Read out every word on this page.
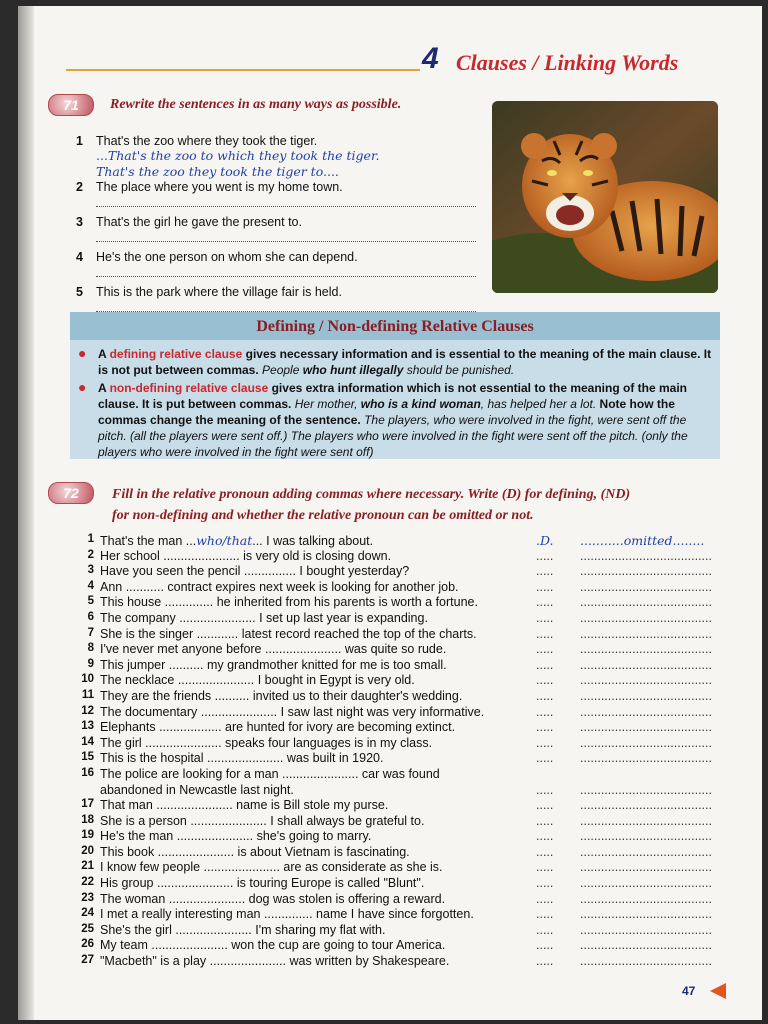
4 Clauses / Linking Words
71	Rewrite the sentences in as many ways as possible.
1 That's the zoo where they took the tiger.
...That's the zoo to which they took the tiger.
That's the zoo they took the tiger to....
2 The place where you went is my home town.
3 That's the girl he gave the present to.
4 He's the one person on whom she can depend.
5 This is the park where the village fair is held.
Defining / Non-defining Relative Clauses
● A defining relative clause gives necessary information and is essential to the meaning of the main clause. It is not put between commas. People who hunt illegally should be punished.

● A non-defining relative clause gives extra information which is not essential to the meaning of the main clause. It is put between commas. Her mother, who is a kind woman, has helped her a lot. Note how the commas change the meaning of the sentence. The players, who were involved in the fight, were sent off the pitch. (all the players were sent off.) The players who were involved in the fight were sent off the pitch. (only the players who were involved in the fight were sent off)

72	Fill in the relative pronoun adding commas where necessary. Write (D) for defining, (ND)
for non-defining and whether the relative pronoun can be omitted or not.
1 That's the man ...who/that... I was talking about.	.D.	...........omitted........
2 Her school ...................... is very old is closing down.	.....	......................................
3 Have you seen the pencil ............... I bought yesterday?	.....	......................................
4 Ann ........... contract expires next week is looking for another job.	.....	......................................
5 This house .............. he inherited from his parents is worth a fortune.	.....	......................................
6 The company ...................... I set up last year is expanding.	.....	......................................
7 She is the singer ............ latest record reached the top of the charts.	.....	......................................
8 I've never met anyone before ...................... was quite so rude.	.....	......................................
9 This jumper .......... my grandmother knitted for me is too small.	.....	......................................
10 The necklace ...................... I bought in Egypt is very old.	.....	......................................
11 They are the friends .......... invited us to their daughter's wedding.	.....	......................................
12 The documentary ...................... I saw last night was very informative.	.....	......................................
13 Elephants .................. are hunted for ivory are becoming extinct.	.....	......................................
14 The girl ...................... speaks four languages is in my class.	.....	......................................
15 This is the hospital ...................... was built in 1920.	.....	......................................
16 The police are looking for a man ...................... car was found
abandoned in Newcastle last night.	.....	......................................
17 That man ...................... name is Bill stole my purse.	.....	......................................
18 She is a person ...................... I shall always be grateful to.	.....	......................................
19 He's the man ...................... she's going to marry.	.....	......................................
20 This book ...................... is about Vietnam is fascinating.	.....	......................................
21 I know few people ...................... are as considerate as she is.	.....	......................................
22 His group ...................... is touring Europe is called "Blunt".	.....	......................................
23 The woman ...................... dog was stolen is offering a reward.	.....	......................................
24 I met a really interesting man .............. name I have since forgotten.	.....	......................................
25 She's the girl ...................... I'm sharing my flat with.	.....	......................................
26 My team ...................... won the cup are going to tour America.	.....	......................................
27 "Macbeth" is a play ...................... was written by Shakespeare.	.....	......................................
47
